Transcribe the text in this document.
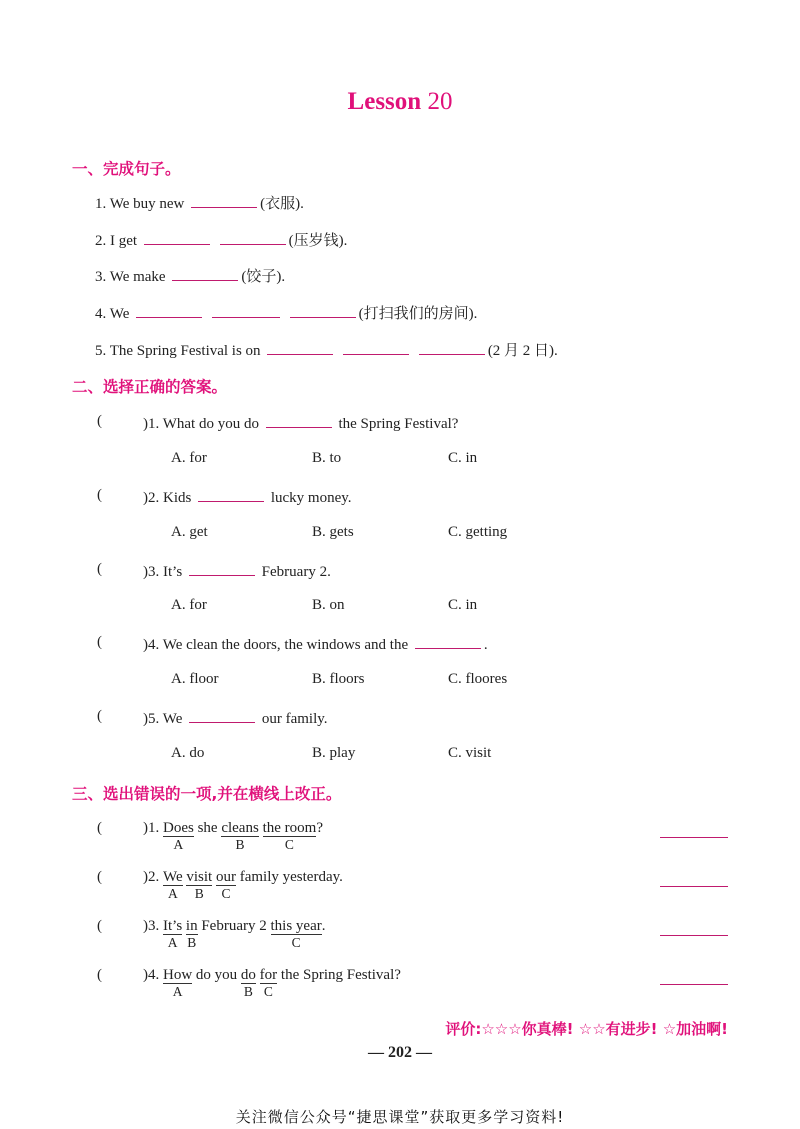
Lesson 20
一、完成句子。
1. We buy new	(衣服).
2. I get	(压岁钱).
3. We make	(饺子).
4. We	(打扫我们的房间).
5. The Spring Festival is on	(2 月 2 日).
二、选择正确的答案。
(	)1. What do you do	the Spring Festival?
A. for	B. to	C. in
(	)2. Kids	lucky money.
A. get	B. gets	C. getting
(	)3. It’s	February 2.
A. for	B. on	C. in
(	)4. We clean the doors, the windows and the	.
A. floor	B. floors	C. floores
(	)5. We	our family.
A. do	B. play	C. visit
三、选出错误的一项,并在横线上改正。
(	)1. Does
A
she cleans
B
the room
C
?
(	)2. We
A
visit
B
our
C
family yesterday.
(	)3. It’s
A
in
B
February 2 this year
C
.
(	)4. How
A
do you do
B
for
C
the Spring Festival?
评价:☆☆☆你真棒! ☆☆有进步! ☆加油啊!
— 202 —
关注微信公众号“捷思课堂”获取更多学习资料!
